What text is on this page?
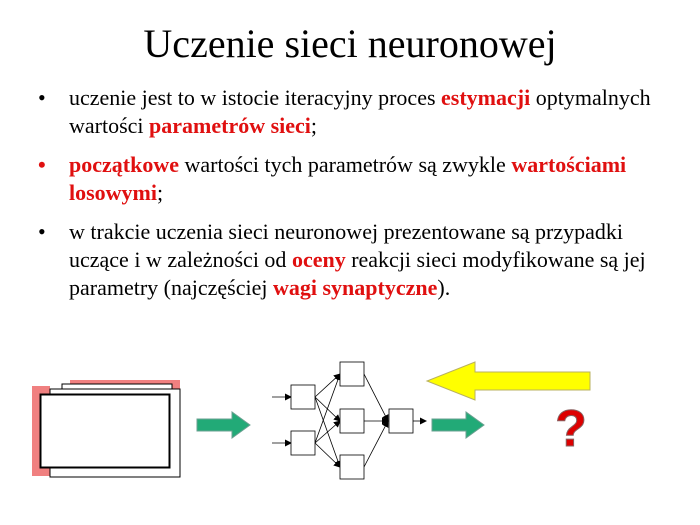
Uczenie sieci neuronowej
•	uczenie jest to w istocie iteracyjny proces estymacji optymalnych wartości parametrów sieci;
•	początkowe wartości tych parametrów są zwykle wartościami losowymi;
•	w trakcie uczenia sieci neuronowej prezentowane są przypadki uczące i w zależności od oceny reakcji sieci modyfikowane są jej parametry (najczęściej wagi synaptyczne).
?
